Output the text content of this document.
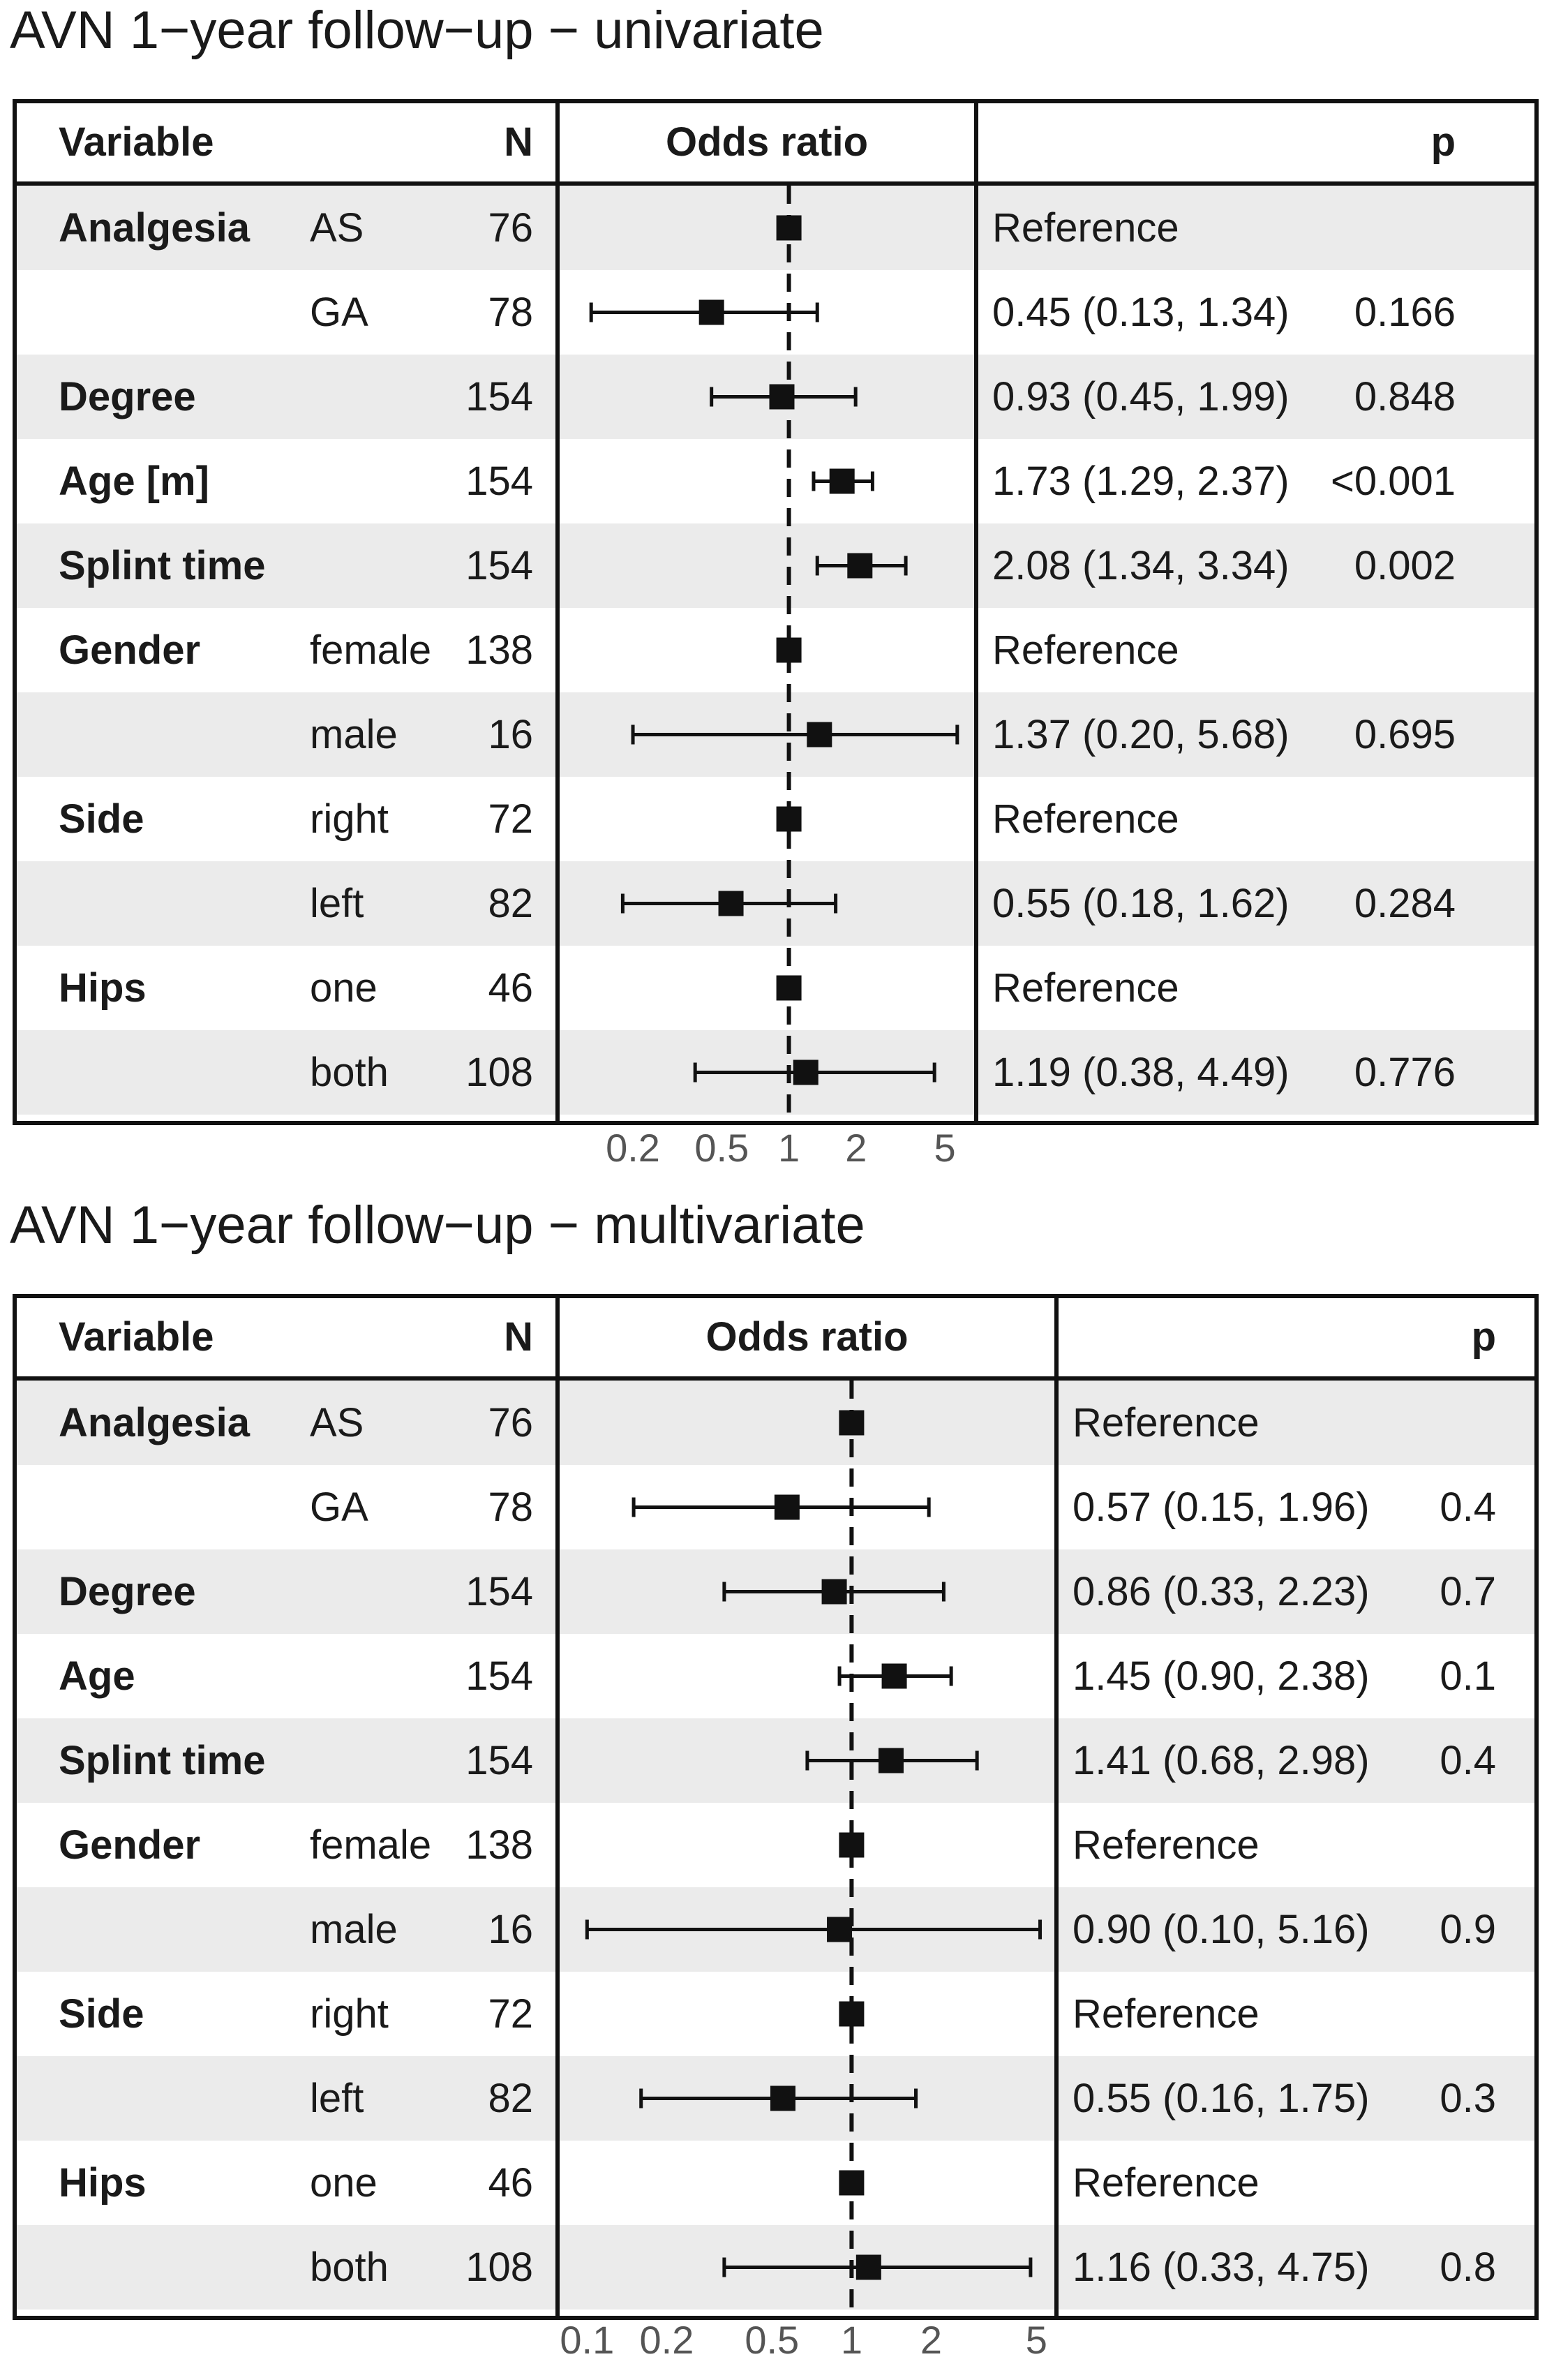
AVN 1−year follow−up − univariate
Analgesia AS	76	Reference
GA	78	0.45 (0.13, 1.34)	0.166
Degree	154	0.93 (0.45, 1.99)	0.848
Age [m]	154	1.73 (1.29, 2.37)	<0.001
Splint time	154	2.08 (1.34, 3.34)	0.002
Gender	female 138	Reference
male	16	1.37 (0.20, 5.68)	0.695
Side	right	72	Reference
left	82	0.55 (0.18, 1.62)	0.284
Hips	one	46	Reference
both	108	1.19 (0.38, 4.49)	0.776
Variable	N	Odds ratio	p
0.2 0.5 1 2 5
AVN 1−year follow−up − multivariate
Analgesia AS	76	Reference
GA	78	0.57 (0.15, 1.96)	0.4
Degree	154	0.86 (0.33, 2.23)	0.7
Age	154	1.45 (0.90, 2.38)	0.1
Splint time	154	1.41 (0.68, 2.98)	0.4
Gender	female 138	Reference
male	16	0.90 (0.10, 5.16)	0.9
Side	right	72	Reference
left	82	0.55 (0.16, 1.75)	0.3
Hips	one	46	Reference
both	108	1.16 (0.33, 4.75)	0.8
Variable	N	Odds ratio	p
0.1 0.2 0.5 1 2 5
